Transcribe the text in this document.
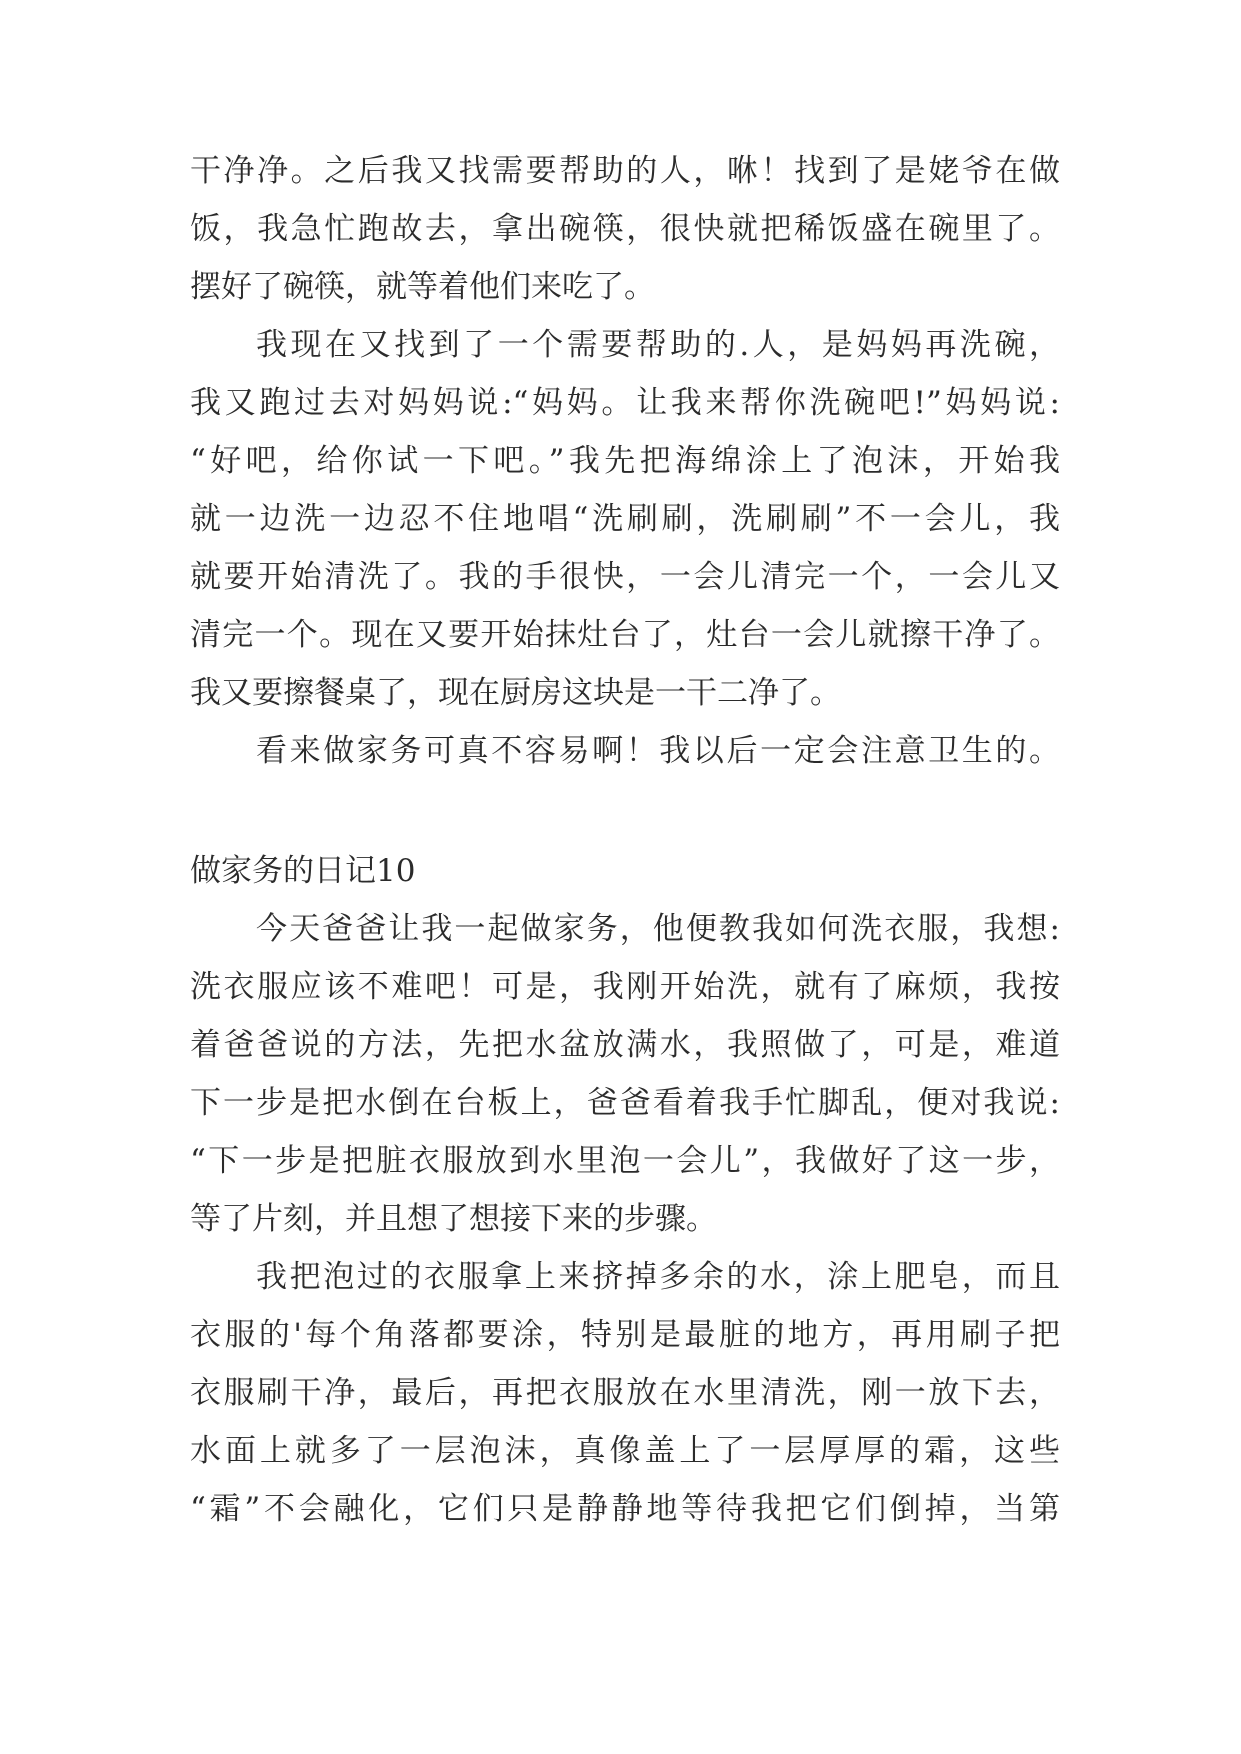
干净净。之后我又找需要帮助的人，咻！找到了是姥爷在做
饭，我急忙跑故去，拿出碗筷，很快就把稀饭盛在碗里了。
摆好了碗筷，就等着他们来吃了。
我现在又找到了一个需要帮助的.人，是妈妈再洗碗，
我又跑过去对妈妈说:“妈妈。让我来帮你洗碗吧!”妈妈说:
“好吧，给你试一下吧。”我先把海绵涂上了泡沫，开始我
就一边洗一边忍不住地唱“洗刷刷，洗刷刷”不一会儿，我
就要开始清洗了。我的手很快，一会儿清完一个，一会儿又
清完一个。现在又要开始抹灶台了，灶台一会儿就擦干净了。
我又要擦餐桌了，现在厨房这块是一干二净了。
看来做家务可真不容易啊！我以后一定会注意卫生的。
做家务的日记10
今天爸爸让我一起做家务，他便教我如何洗衣服，我想:
洗衣服应该不难吧！可是，我刚开始洗，就有了麻烦，我按
着爸爸说的方法，先把水盆放满水，我照做了，可是，难道
下一步是把水倒在台板上，爸爸看着我手忙脚乱，便对我说:
“下一步是把脏衣服放到水里泡一会儿”，我做好了这一步，
等了片刻，并且想了想接下来的步骤。
我把泡过的衣服拿上来挤掉多余的水，涂上肥皂，而且
衣服的'每个角落都要涂，特别是最脏的地方，再用刷子把
衣服刷干净，最后，再把衣服放在水里清洗，刚一放下去，
水面上就多了一层泡沫，真像盖上了一层厚厚的霜，这些
“霜”不会融化，它们只是静静地等待我把它们倒掉，当第
